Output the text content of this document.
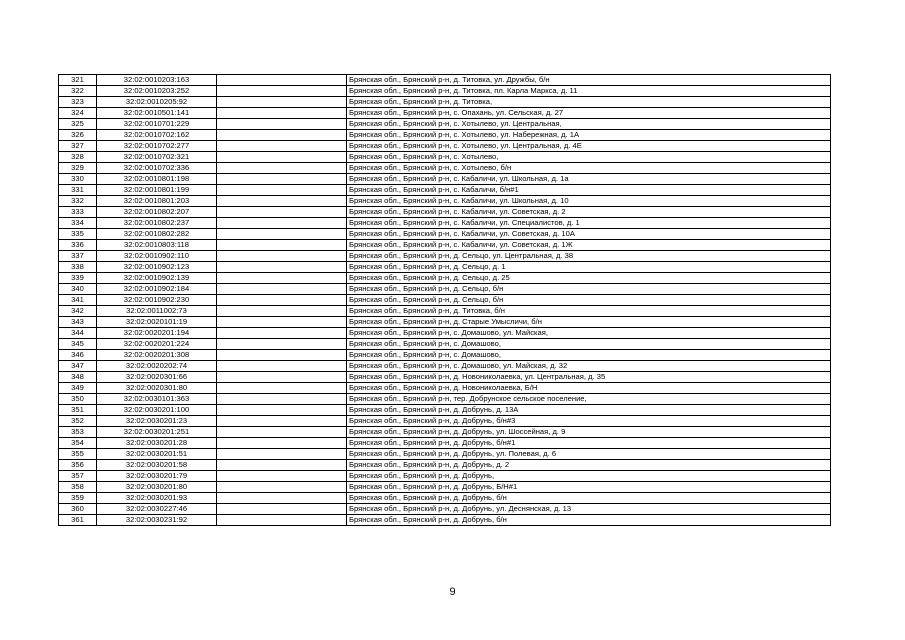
321	32:02:0010203:163		Брянская обл., Брянский р-н, д. Титовка, ул. Дружбы, б/н
322	32:02:0010203:252		Брянская обл., Брянский р-н, д. Титовка, пл. Карла Маркса, д. 11
323	32:02:0010205:92		Брянская обл., Брянский р-н, д. Титовка,
324	32:02:0010501:141		Брянская обл., Брянский р-н, с. Опахань, ул. Сельская, д. 27
325	32:02:0010701:229		Брянская обл., Брянский р-н, с. Хотылево, ул. Центральная,
326	32:02:0010702:162		Брянская обл., Брянский р-н, с. Хотылево, ул. Набережная, д. 1А
327	32:02:0010702:277		Брянская обл., Брянский р-н, с. Хотылево, ул. Центральная, д. 4Е
328	32:02:0010702:321		Брянская обл., Брянский р-н, с. Хотылево,
329	32:02:0010702:336		Брянская обл., Брянский р-н, с. Хотылево, б/н
330	32:02:0010801:198		Брянская обл., Брянский р-н, с. Кабаличи, ул. Школьная, д. 1а
331	32:02:0010801:199		Брянская обл., Брянский р-н, с. Кабаличи, б/н#1
332	32:02:0010801:203		Брянская обл., Брянский р-н, с. Кабаличи, ул. Школьная, д. 10
333	32:02:0010802:207		Брянская обл., Брянский р-н, с. Кабаличи, ул. Советская, д. 2
334	32:02:0010802:237		Брянская обл., Брянский р-н, с. Кабаличи, ул. Специалистов, д. 1
335	32:02:0010802:282		Брянская обл., Брянский р-н, с. Кабаличи, ул. Советская, д. 10А
336	32:02:0010803:118		Брянская обл., Брянский р-н, с. Кабаличи, ул. Советская, д. 1Ж
337	32:02:0010902:110		Брянская обл., Брянский р-н, д. Сельцо, ул. Центральная, д. 38
338	32:02:0010902:123		Брянская обл., Брянский р-н, д. Сельцо, д. 1
339	32:02:0010902:139		Брянская обл., Брянский р-н, д. Сельцо, д. 25
340	32:02:0010902:184		Брянская обл., Брянский р-н, д. Сельцо, б/н
341	32:02:0010902:230		Брянская обл., Брянский р-н, д. Сельцо, б/н
342	32:02:0011002:73		Брянская обл., Брянский р-н, д. Титовка, б/н
343	32:02:0020101:19		Брянская обл., Брянский р-н, д. Старые Умысличи, б/н
344	32:02:0020201:194		Брянская обл., Брянский р-н, с. Домашово, ул. Майская,
345	32:02:0020201:224		Брянская обл., Брянский р-н, с. Домашово,
346	32:02:0020201:308		Брянская обл., Брянский р-н, с. Домашово,
347	32:02:0020202:74		Брянская обл., Брянский р-н, с. Домашово, ул. Майская, д. 32
348	32:02:0020301:66		Брянская обл., Брянский р-н, д. Новониколаевка, ул. Центральная, д. 35
349	32:02:0020301:80		Брянская обл., Брянский р-н, д. Новониколаевка, Б/Н
350	32:02:0030101:363		Брянская обл., Брянский р-н, тер. Добрунское сельское поселение,
351	32:02:0030201:100		Брянская обл., Брянский р-н, д. Добрунь, д. 13А
352	32:02:0030201:23		Брянская обл., Брянский р-н, д. Добрунь, б/н#3
353	32:02:0030201:251		Брянская обл., Брянский р-н, д. Добрунь, ул. Шоссейная, д. 9
354	32:02:0030201:28		Брянская обл., Брянский р-н, д. Добрунь, б/н#1
355	32:02:0030201:51		Брянская обл., Брянский р-н, д. Добрунь, ул. Полевая, д. 6
356	32:02:0030201:58		Брянская обл., Брянский р-н, д. Добрунь, д. 2
357	32:02:0030201:79		Брянская обл., Брянский р-н, д. Добрунь,
358	32:02:0030201:80		Брянская обл., Брянский р-н, д. Добрунь, Б/Н#1
359	32:02:0030201:93		Брянская обл., Брянский р-н, д. Добрунь, б/н
360	32:02:0030227:46		Брянская обл., Брянский р-н, д. Добрунь, ул. Деснянская, д. 13
361	32:02:0030231:92		Брянская обл., Брянский р-н, д. Добрунь, б/н
9
